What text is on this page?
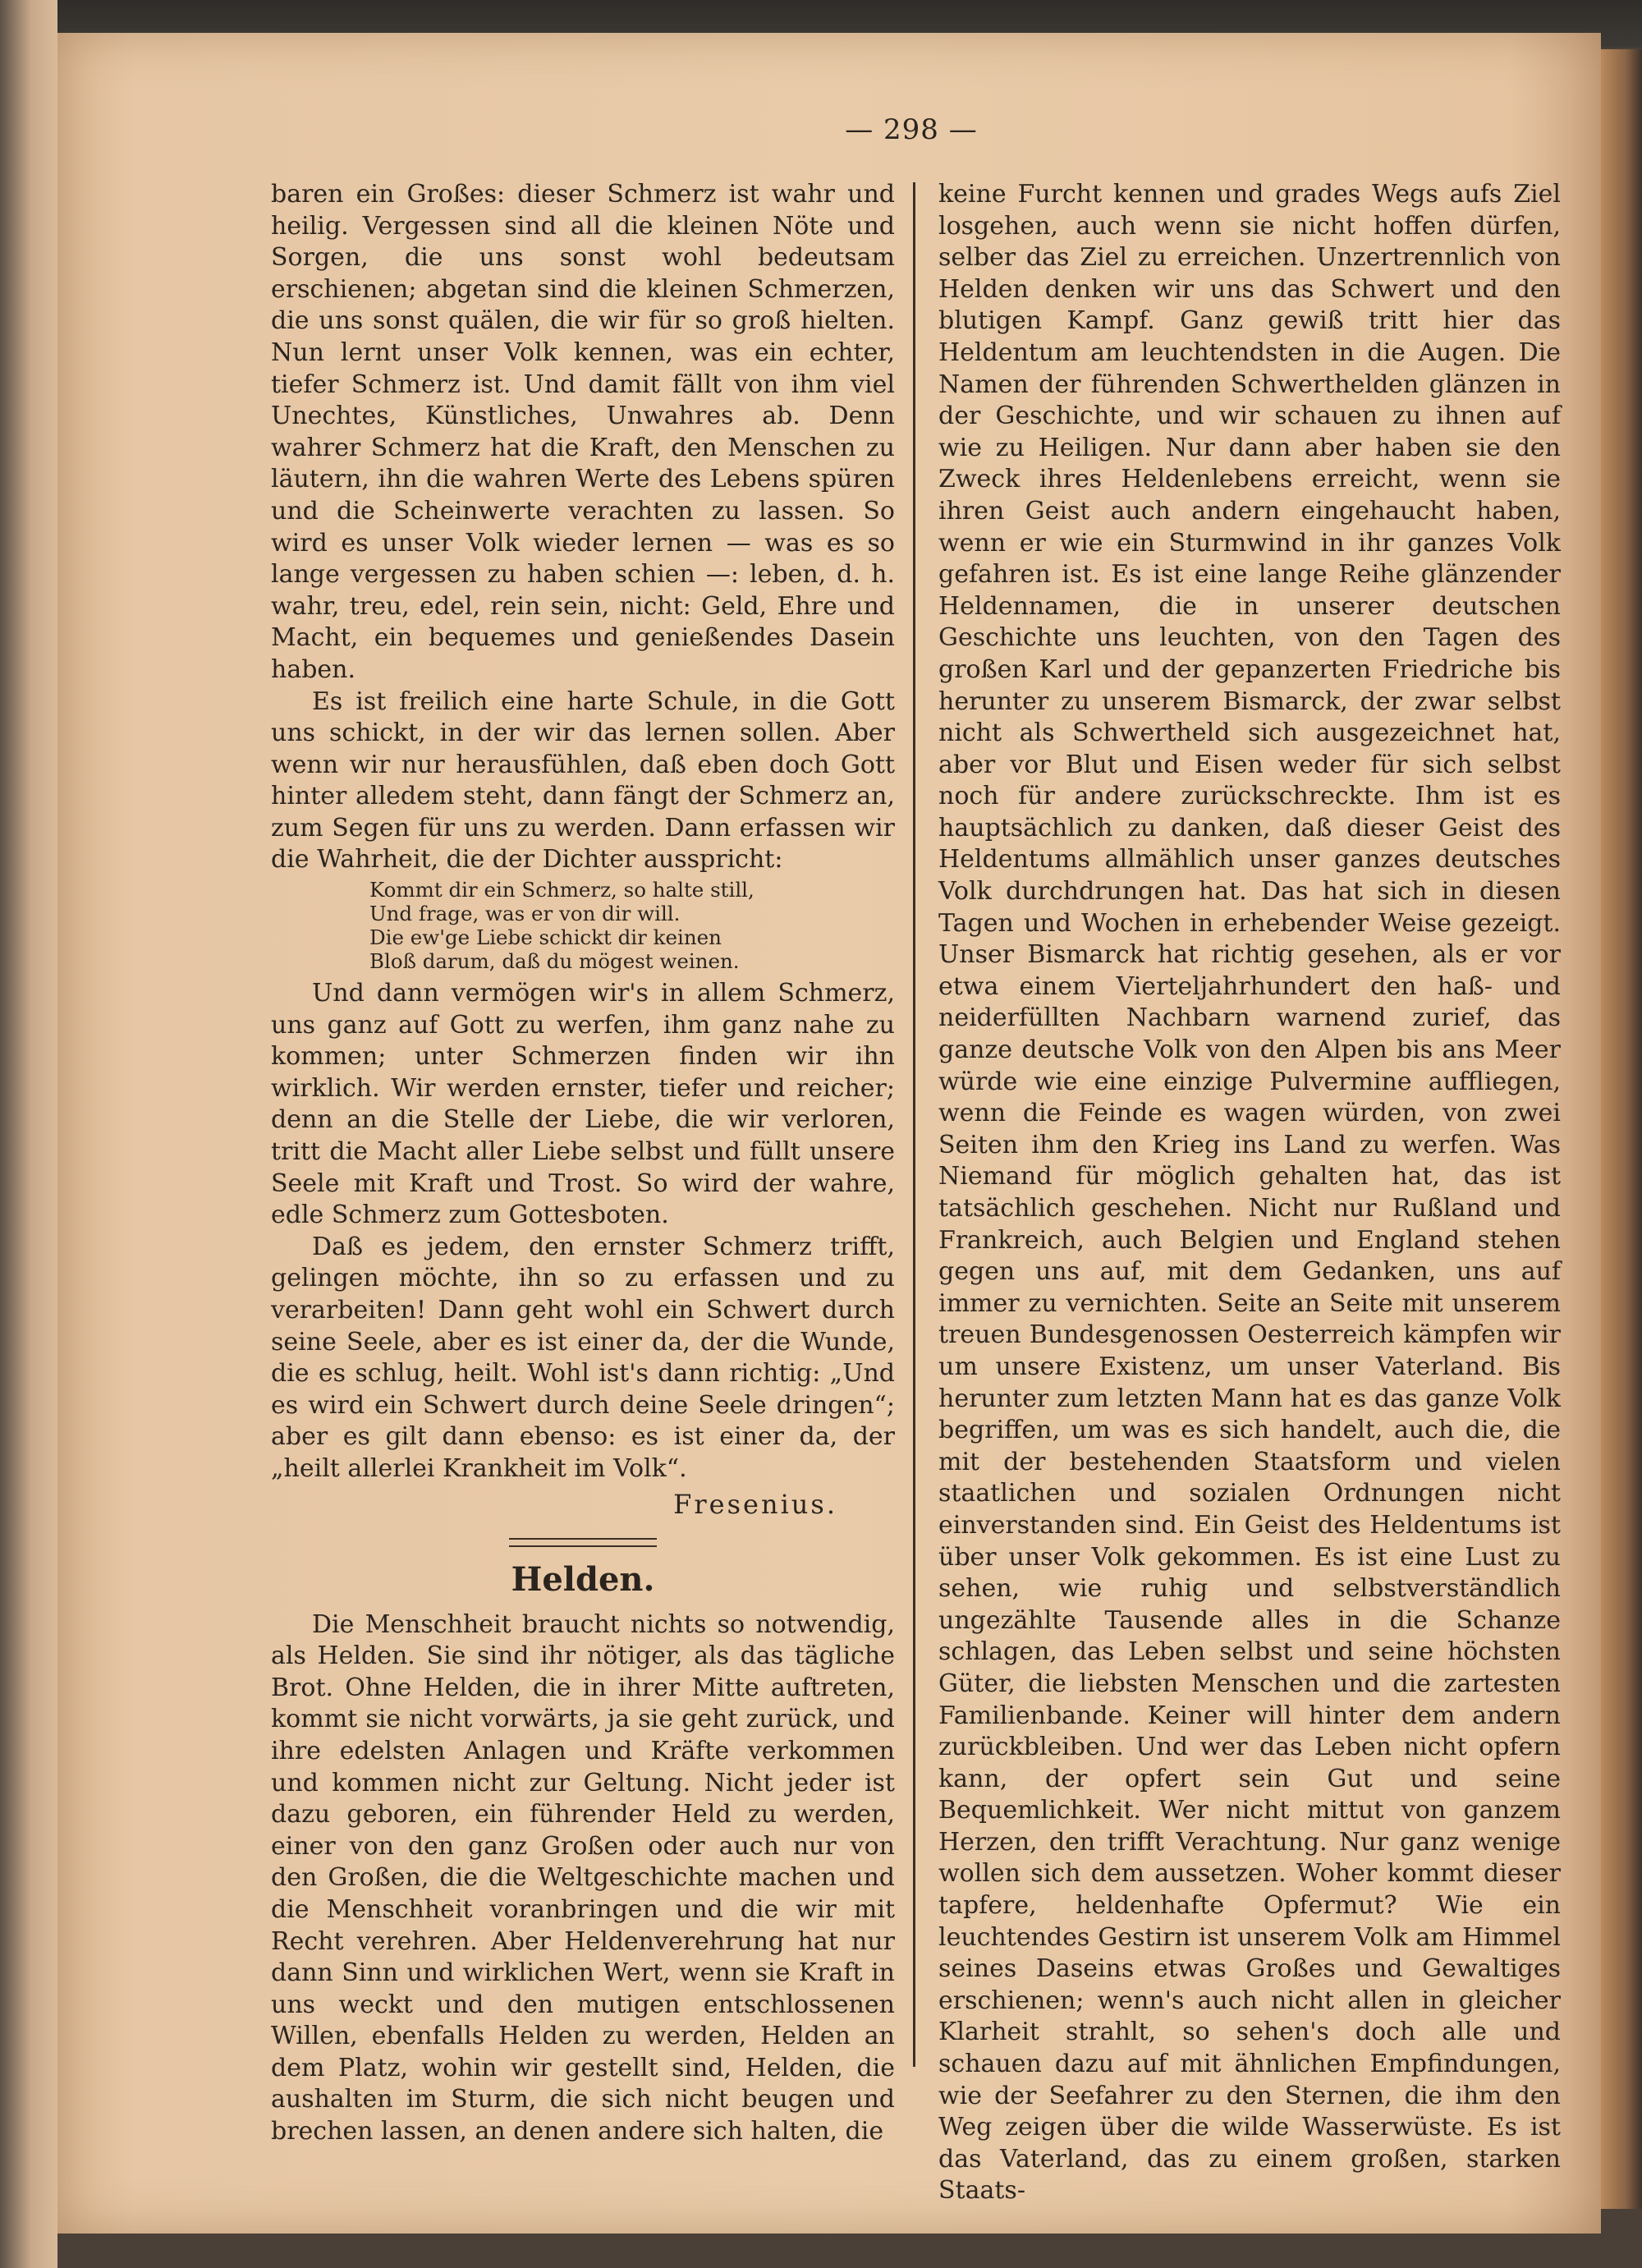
— 298 —

baren ein Großes: dieser Schmerz ist wahr und heilig. Vergessen sind all die kleinen Nöte und Sorgen, die uns sonst wohl bedeutsam erschienen; abgetan sind die kleinen Schmerzen, die uns sonst quälen, die wir für so groß hielten. Nun lernt unser Volk kennen, was ein echter, tiefer Schmerz ist. Und damit fällt von ihm viel Unechtes, Künstliches, Unwahres ab. Denn wahrer Schmerz hat die Kraft, den Menschen zu läutern, ihn die wahren Werte des Lebens spüren und die Scheinwerte verachten zu lassen. So wird es unser Volk wieder lernen — was es so lange vergessen zu haben schien —: leben, d. h. wahr, treu, edel, rein sein, nicht: Geld, Ehre und Macht, ein bequemes und genießendes Dasein haben.

Es ist freilich eine harte Schule, in die Gott uns schickt, in der wir das lernen sollen. Aber wenn wir nur herausfühlen, daß eben doch Gott hinter alledem steht, dann fängt der Schmerz an, zum Segen für uns zu werden. Dann erfassen wir die Wahrheit, die der Dichter ausspricht:

Kommt dir ein Schmerz, so halte still,
Und frage, was er von dir will.
Die ew'ge Liebe schickt dir keinen
Bloß darum, daß du mögest weinen.

Und dann vermögen wir's in allem Schmerz, uns ganz auf Gott zu werfen, ihm ganz nahe zu kommen; unter Schmerzen finden wir ihn wirklich. Wir werden ernster, tiefer und reicher; denn an die Stelle der Liebe, die wir verloren, tritt die Macht aller Liebe selbst und füllt unsere Seele mit Kraft und Trost. So wird der wahre, edle Schmerz zum Gottesboten.

Daß es jedem, den ernster Schmerz trifft, gelingen möchte, ihn so zu erfassen und zu verarbeiten! Dann geht wohl ein Schwert durch seine Seele, aber es ist einer da, der die Wunde, die es schlug, heilt. Wohl ist's dann richtig: „Und es wird ein Schwert durch deine Seele dringen“; aber es gilt dann ebenso: es ist einer da, der „heilt allerlei Krankheit im Volk“.

Fresenius.
Helden.

Die Menschheit braucht nichts so notwendig, als Helden. Sie sind ihr nötiger, als das tägliche Brot. Ohne Helden, die in ihrer Mitte auftreten, kommt sie nicht vorwärts, ja sie geht zurück, und ihre edelsten Anlagen und Kräfte verkommen und kommen nicht zur Geltung. Nicht jeder ist dazu geboren, ein führender Held zu werden, einer von den ganz Großen oder auch nur von den Großen, die die Weltgeschichte machen und die Menschheit voranbringen und die wir mit Recht verehren. Aber Heldenverehrung hat nur dann Sinn und wirklichen Wert, wenn sie Kraft in uns weckt und den mutigen entschlossenen Willen, ebenfalls Helden zu werden, Helden an dem Platz, wohin wir gestellt sind, Helden, die aushalten im Sturm, die sich nicht beugen und brechen lassen, an denen andere sich halten, die

keine Furcht kennen und grades Wegs aufs Ziel losgehen, auch wenn sie nicht hoffen dürfen, selber das Ziel zu erreichen. Unzertrennlich von Helden denken wir uns das Schwert und den blutigen Kampf. Ganz gewiß tritt hier das Heldentum am leuchtendsten in die Augen. Die Namen der führenden Schwerthelden glänzen in der Geschichte, und wir schauen zu ihnen auf wie zu Heiligen. Nur dann aber haben sie den Zweck ihres Heldenlebens erreicht, wenn sie ihren Geist auch andern eingehaucht haben, wenn er wie ein Sturmwind in ihr ganzes Volk gefahren ist. Es ist eine lange Reihe glänzender Heldennamen, die in unserer deutschen Geschichte uns leuchten, von den Tagen des großen Karl und der gepanzerten Friedriche bis herunter zu unserem Bismarck, der zwar selbst nicht als Schwertheld sich ausgezeichnet hat, aber vor Blut und Eisen weder für sich selbst noch für andere zurückschreckte. Ihm ist es hauptsächlich zu danken, daß dieser Geist des Heldentums allmählich unser ganzes deutsches Volk durchdrungen hat. Das hat sich in diesen Tagen und Wochen in erhebender Weise gezeigt. Unser Bismarck hat richtig gesehen, als er vor etwa einem Vierteljahrhundert den haß- und neiderfüllten Nachbarn warnend zurief, das ganze deutsche Volk von den Alpen bis ans Meer würde wie eine einzige Pulvermine auffliegen, wenn die Feinde es wagen würden, von zwei Seiten ihm den Krieg ins Land zu werfen. Was Niemand für möglich gehalten hat, das ist tatsächlich geschehen. Nicht nur Rußland und Frankreich, auch Belgien und England stehen gegen uns auf, mit dem Gedanken, uns auf immer zu vernichten. Seite an Seite mit unserem treuen Bundesgenossen Oesterreich kämpfen wir um unsere Existenz, um unser Vaterland. Bis herunter zum letzten Mann hat es das ganze Volk begriffen, um was es sich handelt, auch die, die mit der bestehenden Staatsform und vielen staatlichen und sozialen Ordnungen nicht einverstanden sind. Ein Geist des Heldentums ist über unser Volk gekommen. Es ist eine Lust zu sehen, wie ruhig und selbstverständlich ungezählte Tausende alles in die Schanze schlagen, das Leben selbst und seine höchsten Güter, die liebsten Menschen und die zartesten Familienbande. Keiner will hinter dem andern zurückbleiben. Und wer das Leben nicht opfern kann, der opfert sein Gut und seine Bequemlichkeit. Wer nicht mittut von ganzem Herzen, den trifft Verachtung. Nur ganz wenige wollen sich dem aussetzen. Woher kommt dieser tapfere, heldenhafte Opfermut? Wie ein leuchtendes Gestirn ist unserem Volk am Himmel seines Daseins etwas Großes und Gewaltiges erschienen; wenn's auch nicht allen in gleicher Klarheit strahlt, so sehen's doch alle und schauen dazu auf mit ähnlichen Empfindungen, wie der Seefahrer zu den Sternen, die ihm den Weg zeigen über die wilde Wasserwüste. Es ist das Vaterland, das zu einem großen, starken Staats-
